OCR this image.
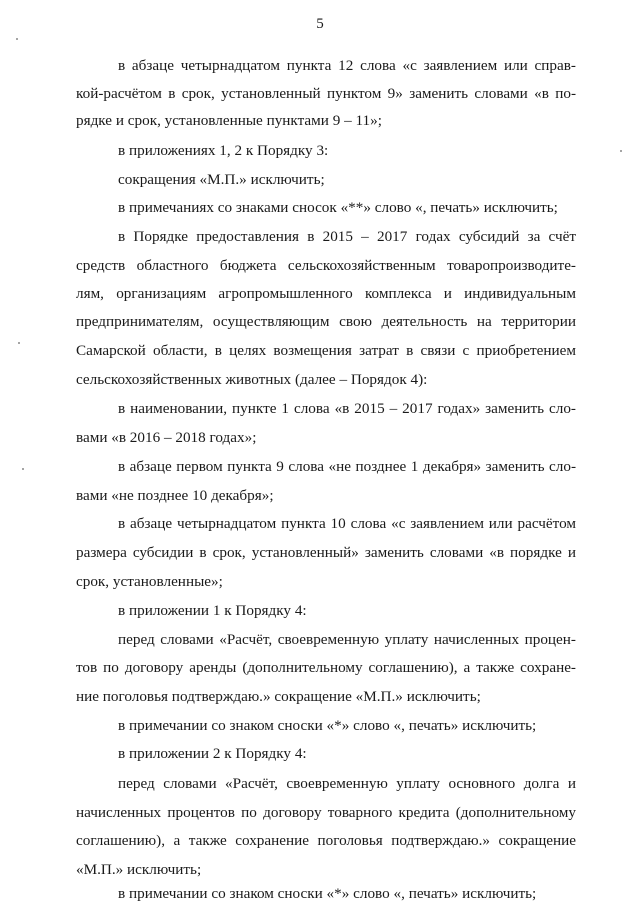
5
в абзаце четырнадцатом пункта 12 слова «с заявлением или справ-
кой-расчётом в срок, установленный пунктом 9» заменить словами «в по-
рядке и срок, установленные пунктами 9 – 11»;
в приложениях 1, 2 к Порядку 3:
сокращения «М.П.» исключить;
в примечаниях со знаками сносок «**» слово «, печать» исключить;
в Порядке предоставления в 2015 – 2017 годах субсидий за счёт
средств областного бюджета сельскохозяйственным товаропроизводите-
лям, организациям агропромышленного комплекса и индивидуальным
предпринимателям, осуществляющим свою деятельность на территории
Самарской области, в целях возмещения затрат в связи с приобретением
сельскохозяйственных животных (далее – Порядок 4):
в наименовании, пункте 1 слова «в 2015 – 2017 годах» заменить сло-
вами «в 2016 – 2018 годах»;
в абзаце первом пункта 9 слова «не позднее 1 декабря» заменить сло-
вами «не позднее 10 декабря»;
в абзаце четырнадцатом пункта 10 слова «с заявлением или расчётом
размера субсидии в срок, установленный» заменить словами «в порядке и
срок, установленные»;
в приложении 1 к Порядку 4:
перед словами «Расчёт, своевременную уплату начисленных процен-
тов по договору аренды (дополнительному соглашению), а также сохране-
ние поголовья подтверждаю.» сокращение «М.П.» исключить;
в примечании со знаком сноски «*» слово «, печать» исключить;
в приложении 2 к Порядку 4:
перед словами «Расчёт, своевременную уплату основного долга и
начисленных процентов по договору товарного кредита (дополнительному
соглашению), а также сохранение поголовья подтверждаю.» сокращение
«М.П.» исключить;
в примечании со знаком сноски «*» слово «, печать» исключить;
